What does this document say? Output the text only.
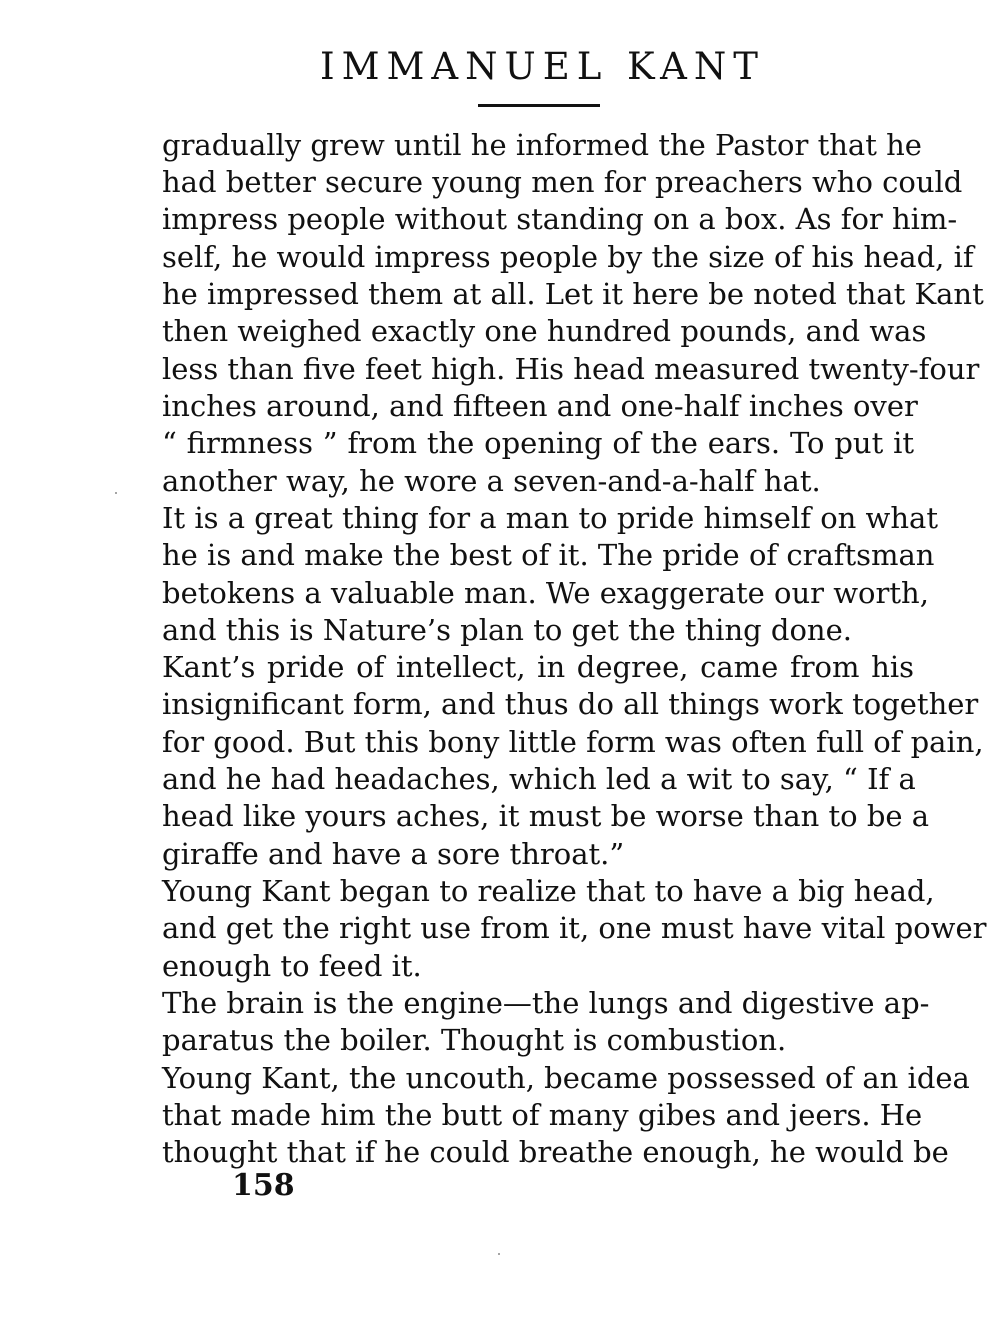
IMMANUEL KANT
gradually grew until he informed the Pastor that he
had better secure young men for preachers who could
impress people without standing on a box. As for him-
self, he would impress people by the size of his head, if
he impressed them at all. Let it here be noted that Kant
then weighed exactly one hundred pounds, and was
less than five feet high. His head measured twenty-four
inches around, and fifteen and one-half inches over
“ firmness ” from the opening of the ears. To put it
another way, he wore a seven-and-a-half hat.
It is a great thing for a man to pride himself on what
he is and make the best of it. The pride of craftsman
betokens a valuable man. We exaggerate our worth,
and this is Nature’s plan to get the thing done.
Kant’s pride of intellect, in degree, came from his
insignificant form, and thus do all things work together
for good. But this bony little form was often full of pain,
and he had headaches, which led a wit to say, “ If a
head like yours aches, it must be worse than to be a
giraffe and have a sore throat.”
Young Kant began to realize that to have a big head,
and get the right use from it, one must have vital power
enough to feed it.
The brain is the engine—the lungs and digestive ap-
paratus the boiler. Thought is combustion.
Young Kant, the uncouth, became possessed of an idea
that made him the butt of many gibes and jeers. He
thought that if he could breathe enough, he would be
158
